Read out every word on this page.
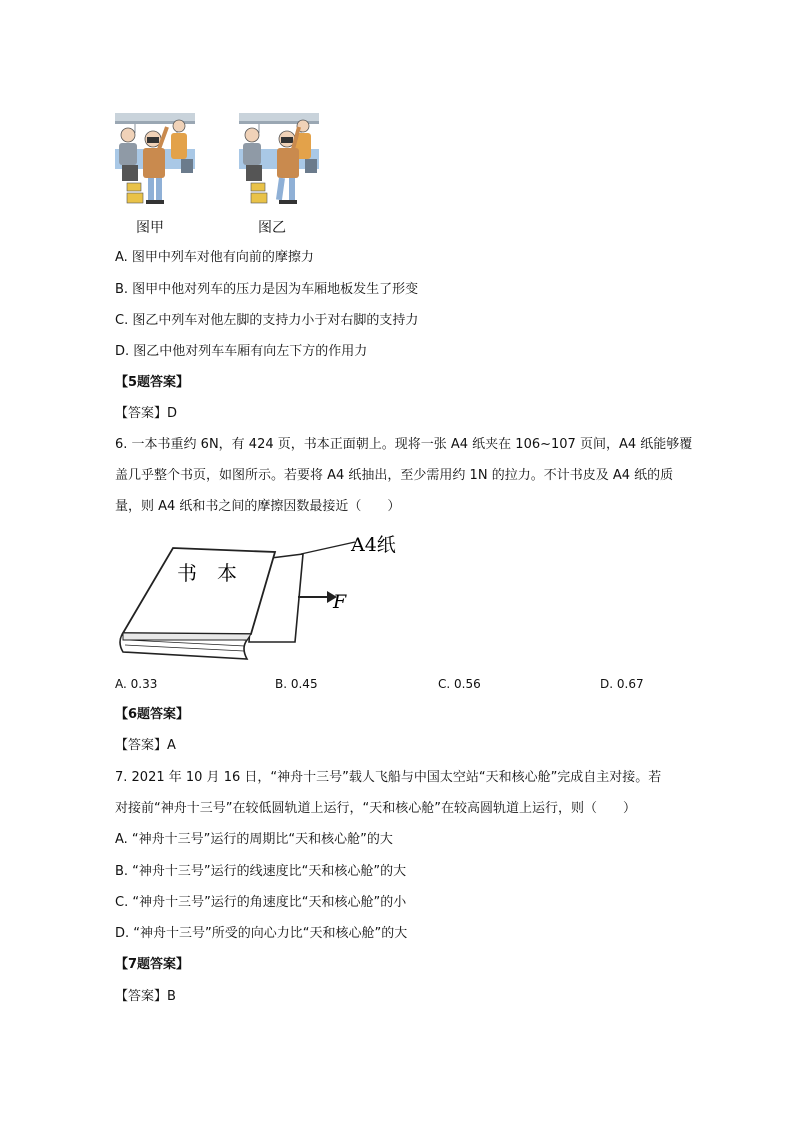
图甲	图乙
A. 图甲中列车对他有向前的摩擦力
B. 图甲中他对列车的压力是因为车厢地板发生了形变
C. 图乙中列车对他左脚的支持力小于对右脚的支持力
D. 图乙中他对列车车厢有向左下方的作用力
【5题答案】
【答案】D
6. 一本书重约 6N，有 424 页，书本正面朝上。现将一张 A4 纸夹在 106~107 页间，A4 纸能够覆
盖几乎整个书页，如图所示。若要将 A4 纸抽出，至少需用约 1N 的拉力。不计书皮及 A4 纸的质
量，则 A4 纸和书之间的摩擦因数最接近（　　）
书　本
A4纸
F
A. 0.33	B. 0.45	C. 0.56	D. 0.67
【6题答案】
【答案】A
7. 2021 年 10 月 16 日，“神舟十三号”载人飞船与中国太空站“天和核心舱”完成自主对接。若
对接前“神舟十三号”在较低圆轨道上运行，“天和核心舱”在较高圆轨道上运行，则（　　）
A. “神舟十三号”运行的周期比“天和核心舱”的大
B. “神舟十三号”运行的线速度比“天和核心舱”的大
C. “神舟十三号”运行的角速度比“天和核心舱”的小
D. “神舟十三号”所受的向心力比“天和核心舱”的大
【7题答案】
【答案】B
